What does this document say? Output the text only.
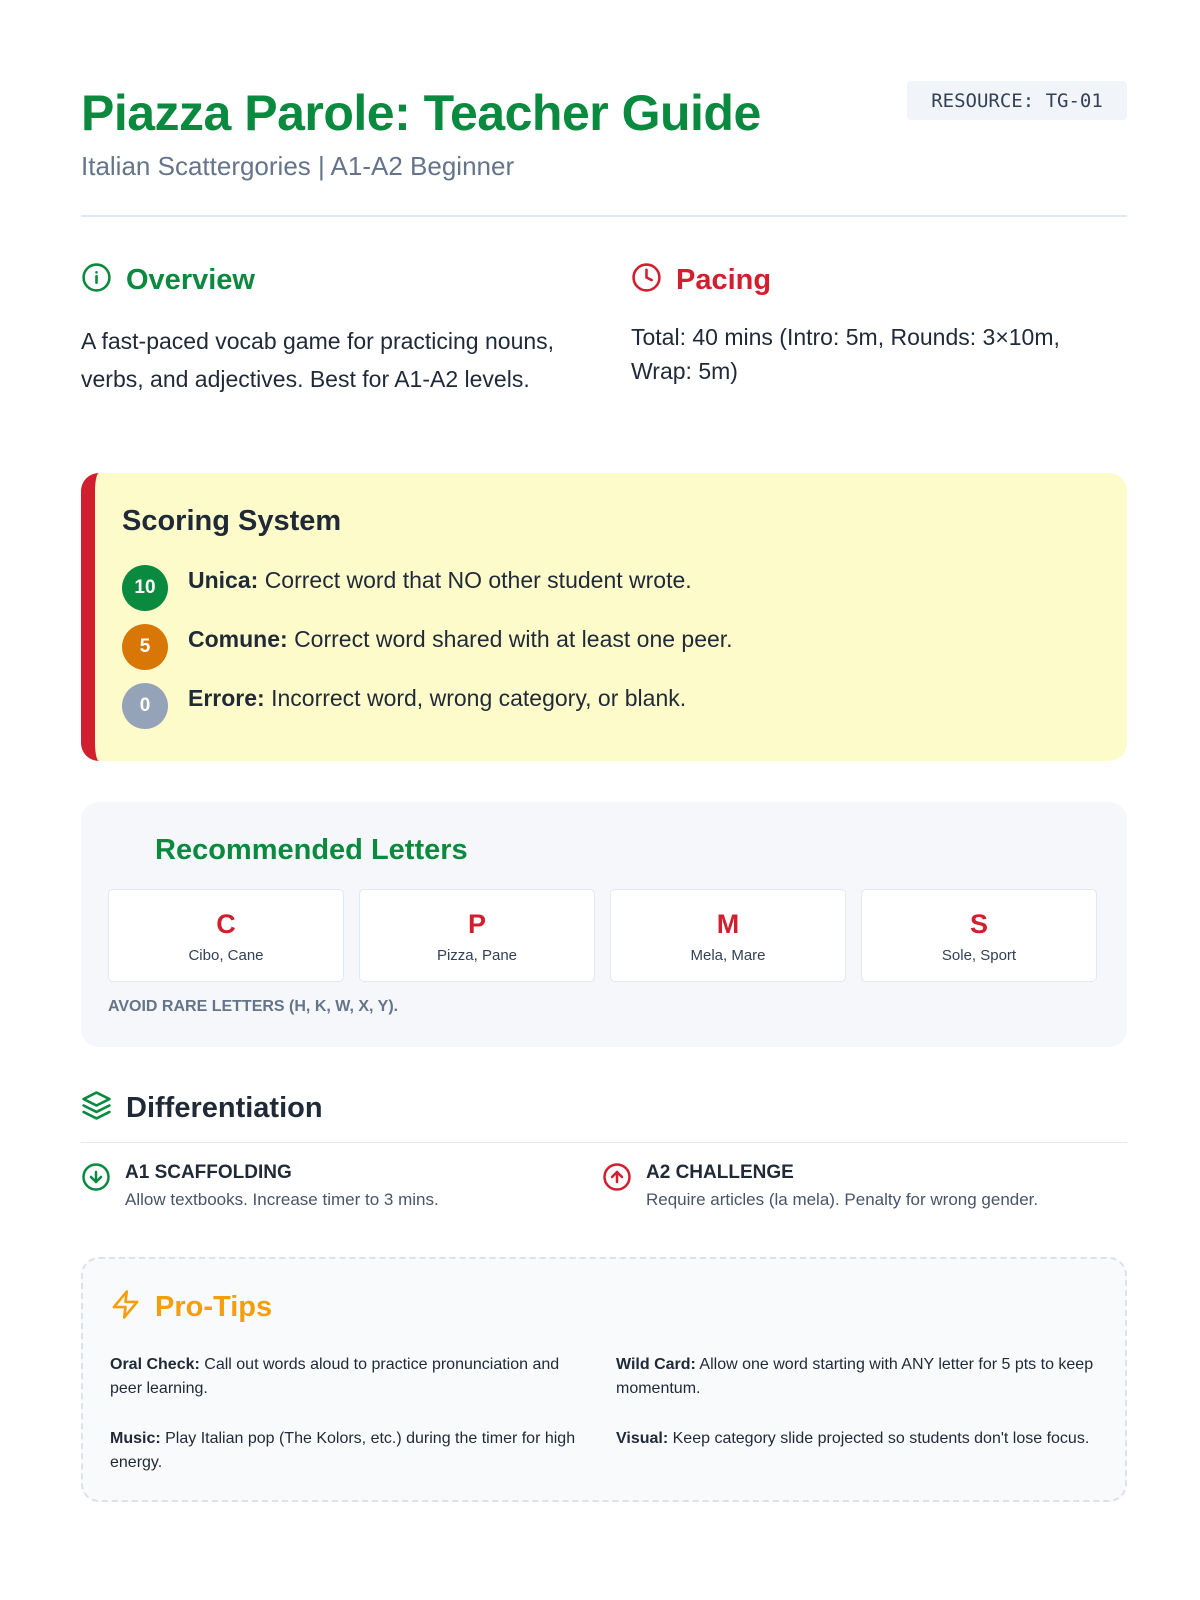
Piazza Parole: Teacher Guide
Italian Scattergories | A1-A2 Beginner
RESOURCE: TG-01
Overview
A fast-paced vocab game for practicing nouns, verbs, and adjectives. Best for A1-A2 levels.
Pacing
Total: 40 mins (Intro: 5m, Rounds: 3×10m, Wrap: 5m)
Scoring System
10	Unica: Correct word that NO other student wrote.
5	Comune: Correct word shared with at least one peer.
0	Errore: Incorrect word, wrong category, or blank.
Recommended Letters
C
Cibo, Cane
P
Pizza, Pane
M
Mela, Mare
S
Sole, Sport
AVOID RARE LETTERS (H, K, W, X, Y).
Differentiation
A1 SCAFFOLDING
Allow textbooks. Increase timer to 3 mins.
A2 CHALLENGE
Require articles (la mela). Penalty for wrong gender.
Pro-Tips
Oral Check: Call out words aloud to practice pronunciation and peer learning.
Wild Card: Allow one word starting with ANY letter for 5 pts to keep momentum.
Music: Play Italian pop (The Kolors, etc.) during the timer for high energy.
Visual: Keep category slide projected so students don't lose focus.
